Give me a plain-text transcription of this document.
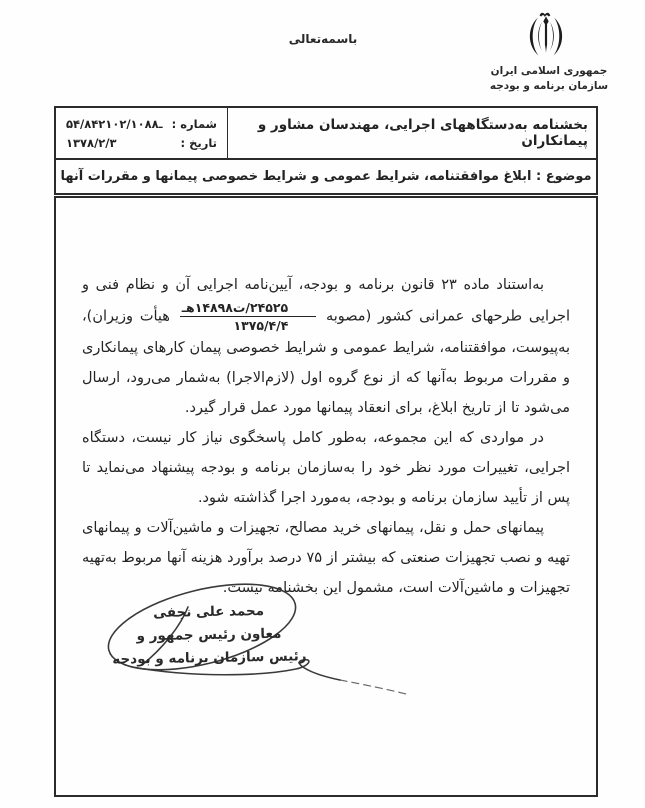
جمهوری اسلامی ایران
سازمان برنامه و بودجه
باسمه‌تعالی
بخشنامه به‌دستگاههای اجرایی، مهندسان مشاور و پیمانکاران
شماره :
۵۴/۸۴۲ـ۱۰۲/۱۰۸۸
تاریخ :
۱۳۷۸/۲/۳
موضوع : ابلاغ موافقتنامه، شرایط عمومی و شرایط خصوصی پیمانها و مقررات آنها

به‌استناد ماده ۲۳ قانون برنامه و بودجه، آیین‌نامه اجرایی آن و نظام فنی و اجرایی طرحهای عمرانی کشور (مصوبه
$\frac{\text{۲۴۵۲۵/ت۱۴۸۹۸هـ}}{۱۳۷۵/۴/۴}$
هیأت وزیران)، به‌پیوست، موافقتنامه، شرایط عمومی و شرایط خصوصی پیمان کارهای پیمانکاری و مقررات مربوط به‌آنها که از نوع گروه اول (لازم‌الاجرا) به‌شمار می‌رود، ارسال می‌شود تا از تاریخ ابلاغ، برای انعقاد پیمانها مورد عمل قرار گیرد.

در مواردی که این مجموعه، به‌طور کامل پاسخگوی نیاز کار نیست، دستگاه اجرایی، تغییرات مورد نظر خود را به‌سازمان برنامه و بودجه پیشنهاد می‌نماید تا پس از تأیید سازمان برنامه و بودجه، به‌مورد اجرا گذاشته شود.

پیمانهای حمل و نقل، پیمانهای خرید مصالح، تجهیزات و ماشین‌آلات و پیمانهای تهیه و نصب تجهیزات صنعتی که بیشتر از ۷۵ درصد برآورد هزینه آنها مربوط به‌تهیه تجهیزات و ماشین‌آلات است، مشمول این بخشنامه نیست.

محمد علی نجفی
معاون رئیس جمهور و
رئیس سازمان برنامه و بودجه
